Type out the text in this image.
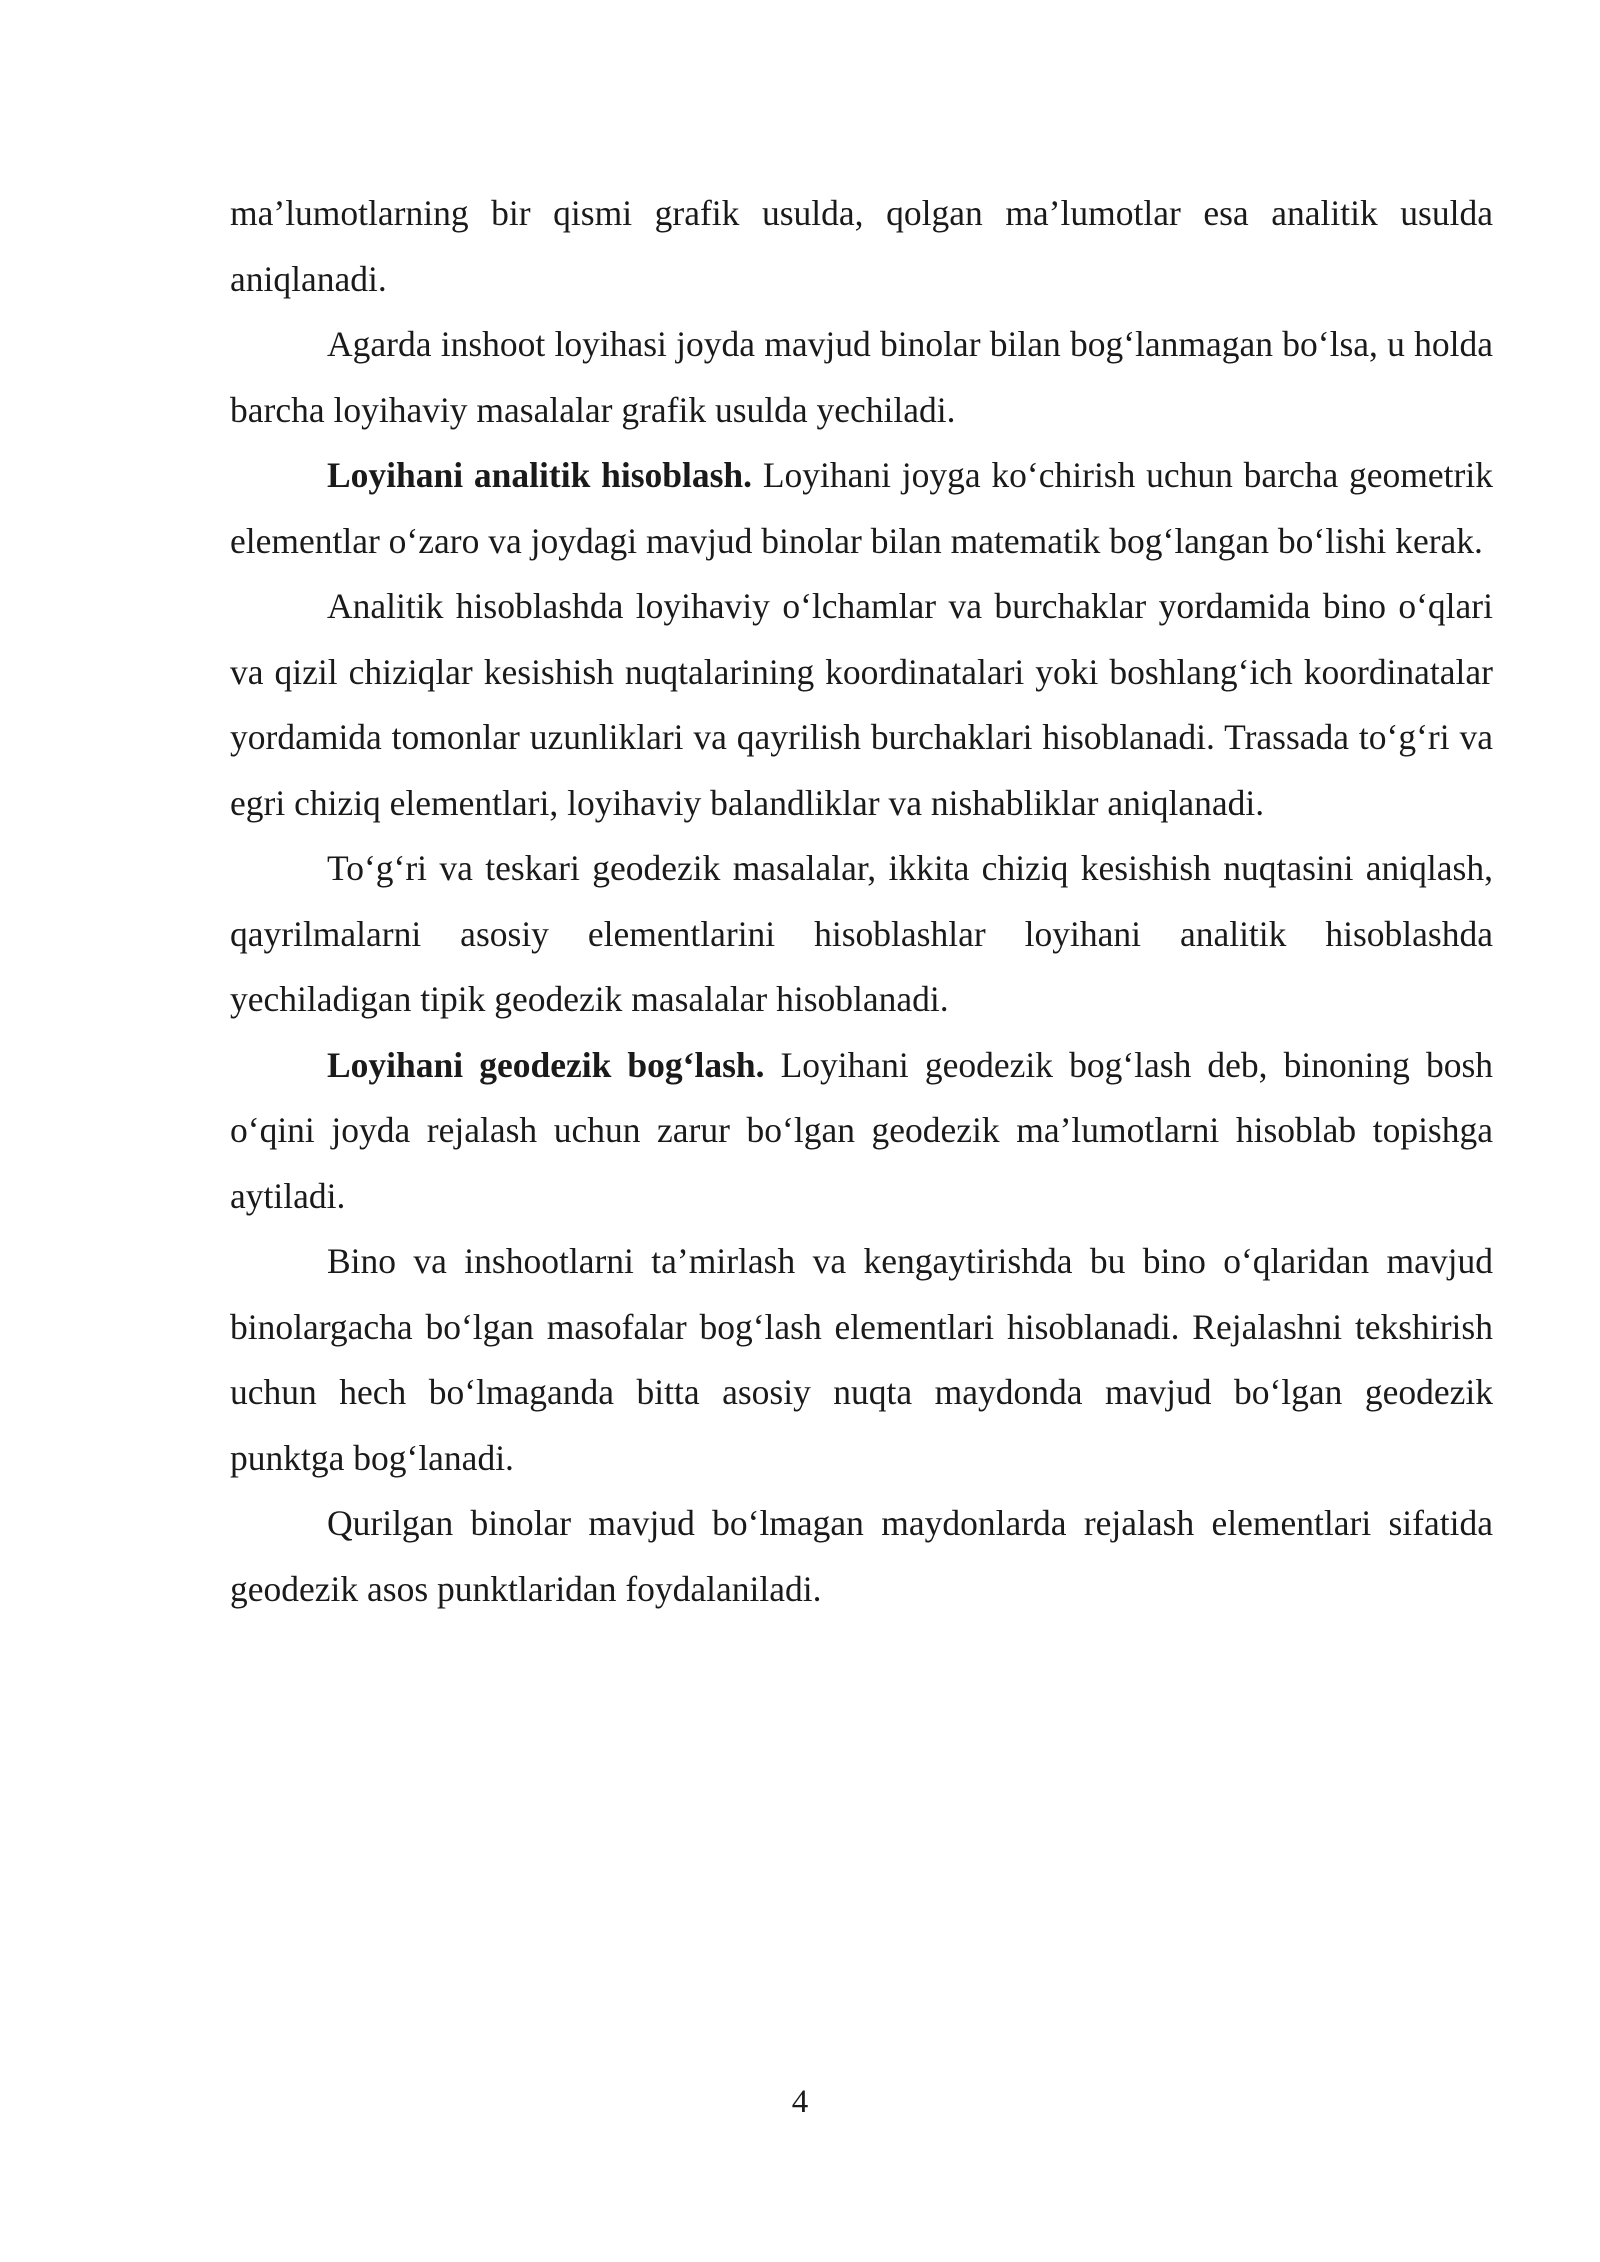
ma’lumotlarning bir qismi grafik usulda, qolgan ma’lumotlar esa analitik usulda aniqlanadi.

Agarda inshoot loyihasi joyda mavjud binolar bilan bog‘lanmagan bo‘lsa, u holda barcha loyihaviy masalalar grafik usulda yechiladi.

Loyihani analitik hisoblash. Loyihani joyga ko‘chirish uchun barcha geometrik elementlar o‘zaro va joydagi mavjud binolar bilan matematik bog‘langan bo‘lishi kerak.

Analitik hisoblashda loyihaviy o‘lchamlar va burchaklar yordamida bino o‘qlari va qizil chiziqlar kesishish nuqtalarining koordinatalari yoki boshlang‘ich koordinatalar yordamida tomonlar uzunliklari va qayrilish burchaklari hisoblanadi. Trassada to‘g‘ri va egri chiziq elementlari, loyihaviy balandliklar va nishabliklar aniqlanadi.

To‘g‘ri va teskari geodezik masalalar, ikkita chiziq kesishish nuqtasini aniqlash, qayrilmalarni asosiy elementlarini hisoblashlar loyihani analitik hisoblashda yechiladigan tipik geodezik masalalar hisoblanadi.

Loyihani geodezik bog‘lash. Loyihani geodezik bog‘lash deb, binoning bosh o‘qini joyda rejalash uchun zarur bo‘lgan geodezik ma’lumotlarni hisoblab topishga aytiladi.

Bino va inshootlarni ta’mirlash va kengaytirishda bu bino o‘qlaridan mavjud binolargacha bo‘lgan masofalar bog‘lash elementlari hisoblanadi. Rejalashni tekshirish uchun hech bo‘lmaganda bitta asosiy nuqta maydonda mavjud bo‘lgan geodezik punktga bog‘lanadi.

Qurilgan binolar mavjud bo‘lmagan maydonlarda rejalash elementlari sifatida geodezik asos punktlaridan foydalaniladi.

4
